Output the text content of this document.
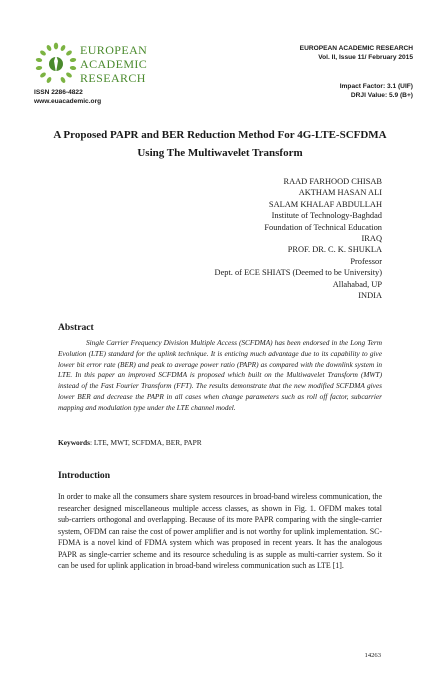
EUROPEAN
ACADEMIC
RESEARCH
ISSN 2286-4822
www.euacademic.org
EUROPEAN ACADEMIC RESEARCH
Vol. II, Issue 11/ February 2015
Impact Factor: 3.1 (UIF)
DRJI Value: 5.9 (B+)
A Proposed PAPR and BER Reduction Method For 4G-LTE-SCFDMA Using The Multiwavelet Transform
RAAD FARHOOD CHISAB
AKTHAM HASAN ALI
SALAM KHALAF ABDULLAH
Institute of Technology-Baghdad
Foundation of Technical Education
IRAQ
PROF. DR. C. K. SHUKLA
Professor
Dept. of ECE SHIATS (Deemed to be University)
Allahabad, UP
INDIA
Abstract

Single Carrier Frequency Division Multiple Access (SCFDMA) has been endorsed in the Long Term Evolution (LTE) standard for the uplink technique. It is enticing much advantage due to its capability to give lower bit error rate (BER) and peak to average power ratio (PAPR) as compared with the downlink system in LTE. In this paper an improved SCFDMA is proposed which built on the Multiwavelet Transform (MWT) instead of the Fast Fourier Transform (FFT). The results demonstrate that the new modified SCFDMA gives lower BER and decrease the PAPR in all cases when change parameters such as roll off factor, subcarrier mapping and modulation type under the LTE channel model.

Keywords: LTE, MWT, SCFDMA, BER, PAPR
Introduction

In order to make all the consumers share system resources in broad-band wireless communication, the researcher designed miscellaneous multiple access classes, as shown in Fig. 1. OFDM makes total sub-carriers orthogonal and overlapping. Because of its more PAPR comparing with the single-carrier system, OFDM can raise the cost of power amplifier and is not worthy for uplink implementation. SC-FDMA is a novel kind of FDMA system which was proposed in recent years. It has the analogous PAPR as single-carrier scheme and its resource scheduling is as supple as multi-carrier system. So it can be used for uplink application in broad-band wireless communication such as LTE [1].

14263
